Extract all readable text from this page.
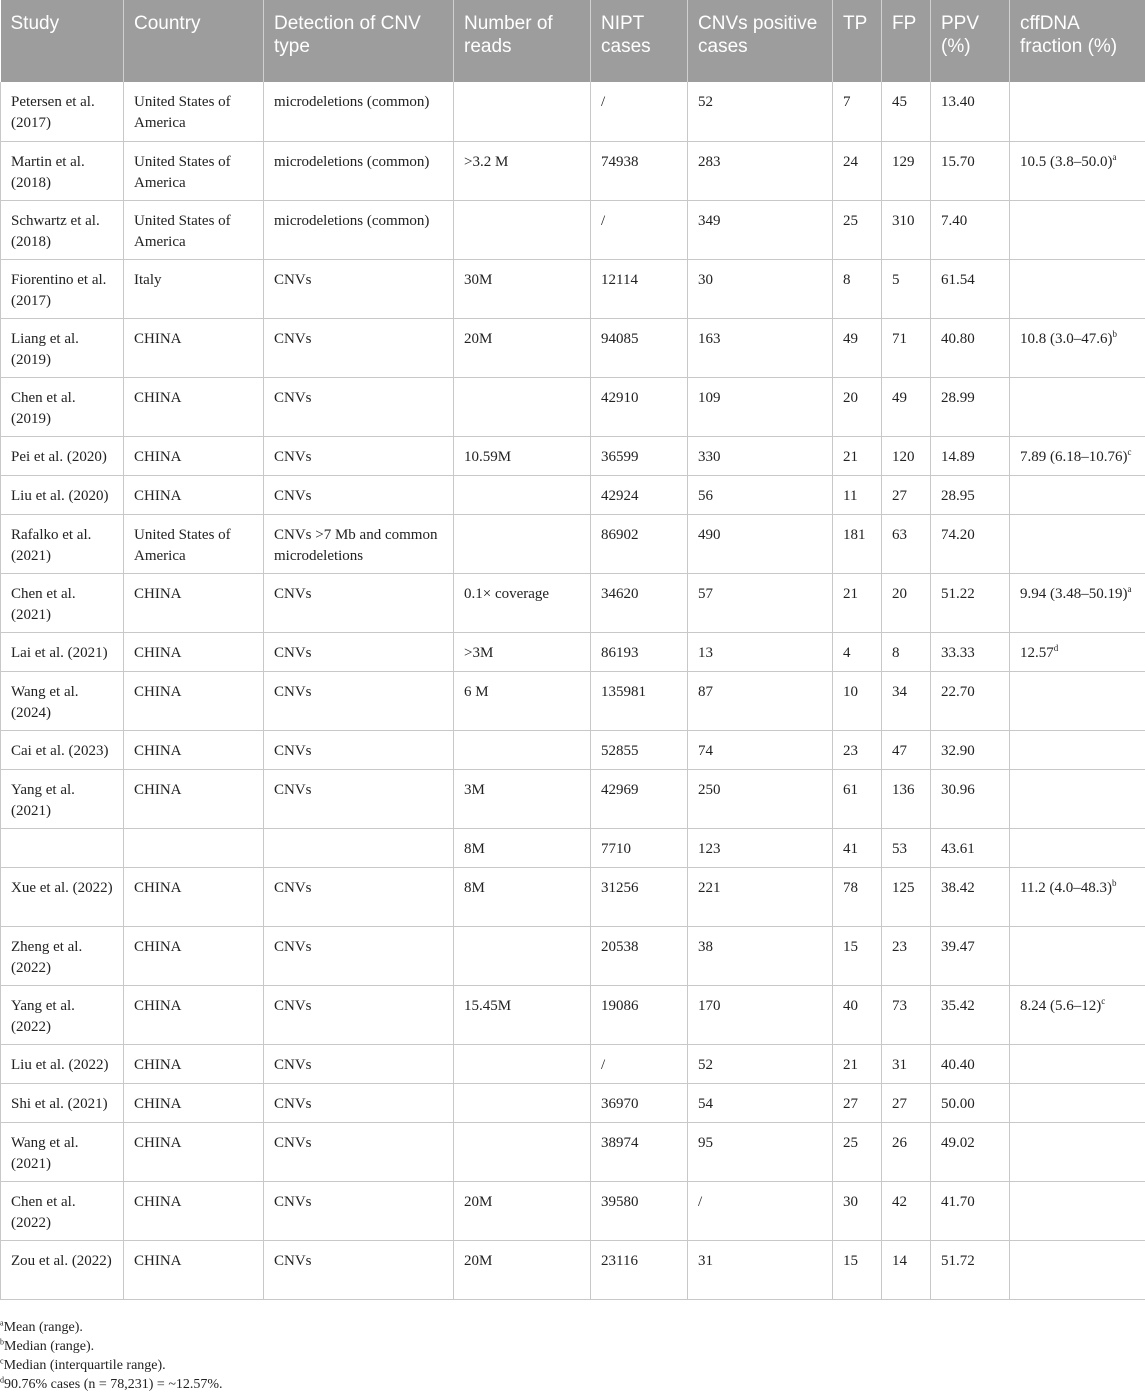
Study	Country	Detection of CNV type	Number of reads	NIPT cases	CNVs positive cases	TP	FP	PPV (%)	cffDNA fraction (%)
Petersen et al. (2017)	United States of America	microdeletions (common)		/	52	7	45	13.40	
Martin et al. (2018)	United States of America	microdeletions (common)	>3.2 M	74938	283	24	129	15.70	10.5 $(3.8-50.0)^a$
Schwartz et al. (2018)	United States of America	microdeletions (common)		/	349	25	310	7.40	
Fiorentino et al. (2017)	Italy	CNVs	30M	12114	30	8	5	61.54	
Liang et al. (2019)	CHINA	CNVs	20M	94085	163	49	71	40.80	10.8 $(3.0-47.6)^b$
Chen et al. (2019)	CHINA	CNVs		42910	109	20	49	28.99	
Pei et al. (2020)	CHINA	CNVs	10.59M	36599	330	21	120	14.89	7.89 $(6.18-10.76)^c$
Liu et al. (2020)	CHINA	CNVs		42924	56	11	27	28.95	
Rafalko et al. (2021)	United States of America	CNVs >7 Mb and common microdeletions		86902	490	181	63	74.20	
Chen et al. (2021)	CHINA	CNVs	0.1× coverage	34620	57	21	20	51.22	9.94 $(3.48-50.19)^a$
Lai et al. (2021)	CHINA	CNVs	>3M	86193	13	4	8	33.33	12.57$^d$
Wang et al. (2024)	CHINA	CNVs	6 M	135981	87	10	34	22.70	
Cai et al. (2023)	CHINA	CNVs		52855	74	23	47	32.90	
Yang et al. (2021)	CHINA	CNVs	3M	42969	250	61	136	30.96	
			8M	7710	123	41	53	43.61	
Xue et al. (2022)	CHINA	CNVs	8M	31256	221	78	125	38.42	11.2 $(4.0-48.3)^b$
Zheng et al. (2022)	CHINA	CNVs		20538	38	15	23	39.47	
Yang et al. (2022)	CHINA	CNVs	15.45M	19086	170	40	73	35.42	8.24 $(5.6-12)^c$
Liu et al. (2022)	CHINA	CNVs		/	52	21	31	40.40	
Shi et al. (2021)	CHINA	CNVs		36970	54	27	27	50.00	
Wang et al. (2021)	CHINA	CNVs		38974	95	25	26	49.02	
Chen et al. (2022)	CHINA	CNVs	20M	39580	/	30	42	41.70	
Zou et al. (2022)	CHINA	CNVs	20M	23116	31	15	14	51.72	
$^a$Mean (range).
$^b$Median (range).
$^c$Median (interquartile range).
$^d$90.76% cases (n = 78,231) = ~12.57%.
